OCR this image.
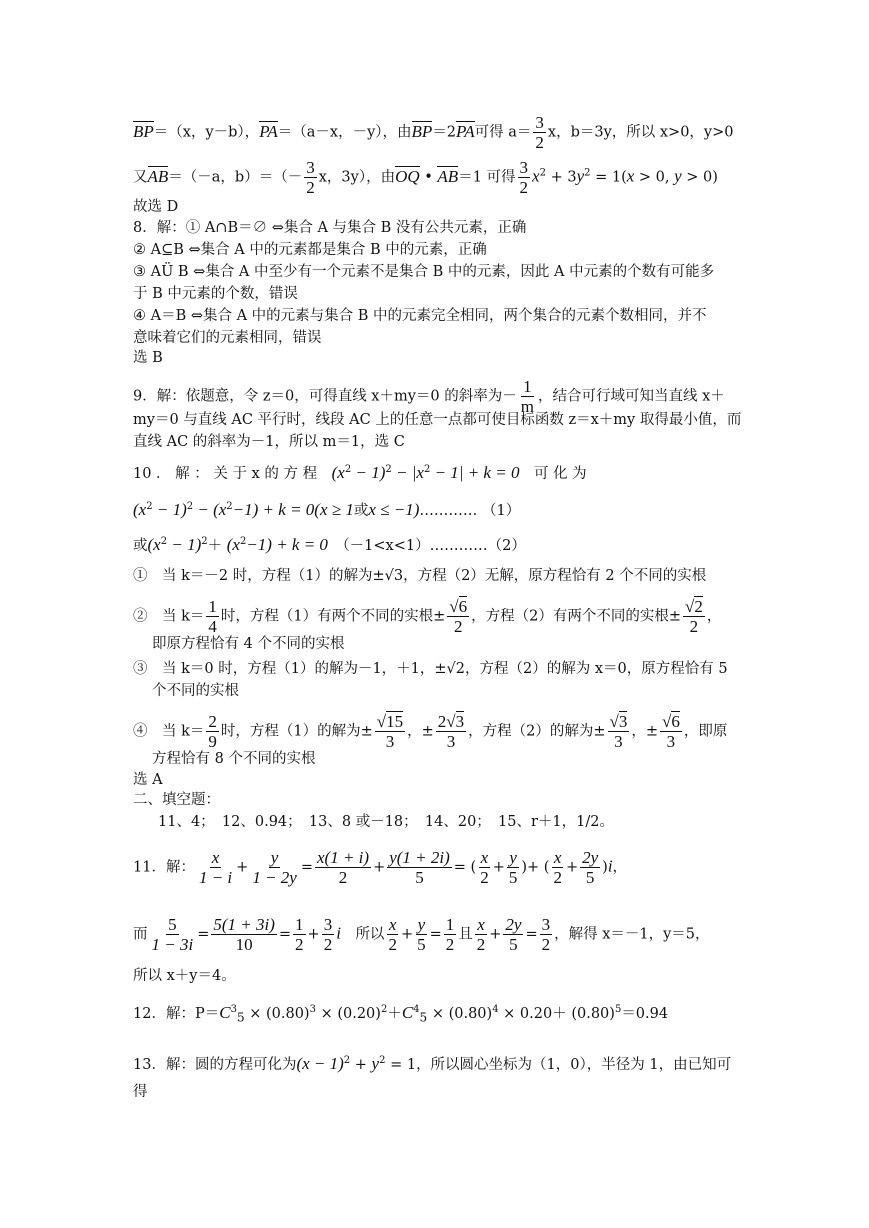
BP＝（x，y－b），PA＝（a－x，－y），由BP＝2PA可得 $a= \frac{3}{2}$ x，b＝3y，所以 x>0，y>0
又AB＝（－a，$b)=(- \frac{3}{2}$ x，3y），由OQ • AB＝1 可得 $\frac{3}{2} x^2 + 3y^2 = 1(x > 0$, y > 0)
故选 D
8．解：① A∩B＝∅ ⇔集合 A 与集合 B 没有公共元素，正确
② A⊆B ⇔集合 A 中的元素都是集合 B 中的元素，正确
③ AÜ B ⇔集合 A 中至少有一个元素不是集合 B 中的元素，因此 A 中元素的个数有可能多
于 B 中元素的个数，错误
④ A＝B ⇔集合 A 中的元素与集合 B 中的元素完全相同，两个集合的元素个数相同，并不
意味着它们的元素相同，错误
选 B
9．解：依题意，令 z＝0，可得直线 x＋my＝0 的斜率为－ $\frac{1}{m}$ ，结合可行域可知当直线 x＋
my＝0 与直线 AC 平行时，线段 AC 上的任意一点都可使目标函数 z＝x＋my 取得最小值，而
直线 AC 的斜率为－1，所以 m＝1，选 C
10 ． 解 ： 关 于 x 的 方 程　 $(x^2 - 1)^2 - |x^2 - 1| + k = 0$　 可 化 为
$(x^2 - 1)^2 - (x^2-1) + k = 0(x \ge 1$或x ≤ −1)………… （1）
或$(x^2 - 1)^2+ (x^2-1) + k = 0$　 （－1<x<1）…………（2）
①　当 k＝－2 时，方程（1）的解为±√3，方程（2）无解，原方程恰有 2 个不同的实根
②　当 $k= \frac{1}{4}$ 时，方程（1）有两个不同的实根± $\frac{√6}{2}$ ，方程（2）有两个不同的实根± $\frac{√2}{2}$ ，
即原方程恰有 4 个不同的实根
③　当 k＝0 时，方程（1）的解为－1，＋1，±√2，方程（2）的解为 x＝0，原方程恰有 5
个不同的实根
④　当 $k= \frac{2}{9}$ 时，方程（1）的解为± $\frac{√15}{3}$ ，± $\frac{2√3}{3}$ ，方程（2）的解为± $\frac{√3}{3}$ ，± $\frac{√6}{3}$ ，即原
方程恰有 8 个不同的实根
选 A
二、填空题：
11、4；　12、0.94；　13、8 或－18；　14、20；　15、r＋1，1/2。
11．解： $\frac{x}{1 - i} + \frac{y}{1 - 2y} = \frac{x(1 + i)}{2} + \frac{y(1 + 2i)}{5}$ = ( $\frac{x}{2} + \frac{y}{5}$ )+ ( $\frac{x}{2} + \frac{2y}{5} )i$，
而 $\frac{5}{1 - 3i} = \frac{5(1 + 3i)}{10} = \frac{1}{2} + \frac{3}{2}$ i　 所以 $\frac{x}{2} + \frac{y}{5} = \frac{1}{2}$ 且 $\frac{x}{2} + \frac{2y}{5} = \frac{3}{2}$ ，解得 x＝－1，y＝5，
所以 x＋y＝4。
12．解：$P=C^3_5 \times (0.80)^3 \times (0.20)^2+C^4_5 \times (0.80)^4 \times 0.20+ (0.80)^5=0.94$
13．解：圆的方程可化为$(x - 1)^2 + y^2 = 1$，所以圆心坐标为（1，0），半径为 1，由已知可
得
